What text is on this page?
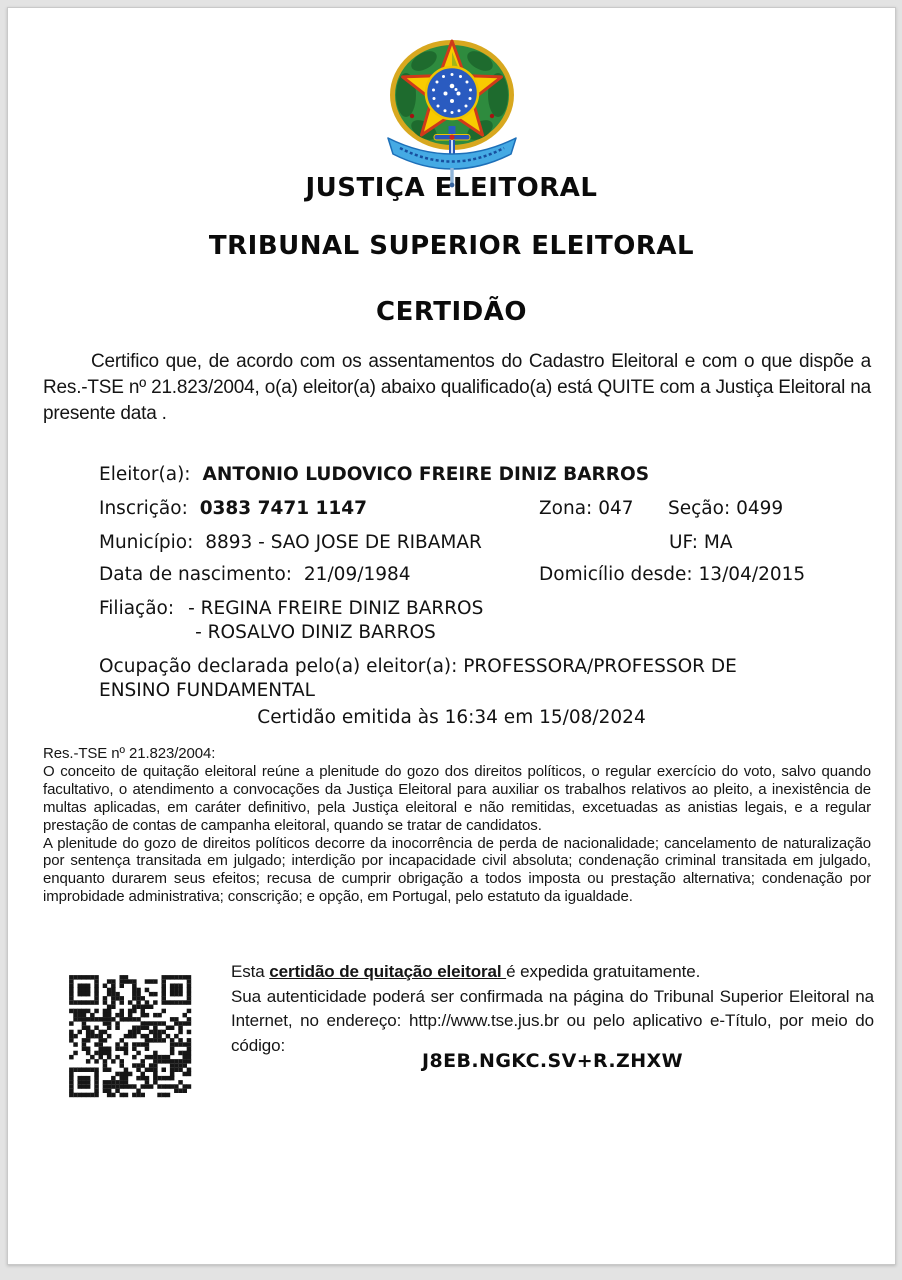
JUSTIÇA ELEITORAL
TRIBUNAL SUPERIOR ELEITORAL
CERTIDÃO
Certifico que, de acordo com os assentamentos do Cadastro Eleitoral e com o que dispõe a Res.-TSE nº 21.823/2004, o(a) eleitor(a) abaixo qualificado(a) está QUITE com a Justiça Eleitoral na presente data .
Eleitor(a): ANTONIO LUDOVICO FREIRE DINIZ BARROS
Inscrição: 0383 7471 1147	Zona: 047 Seção: 0499
Município: 8893 - SAO JOSE DE RIBAMAR	UF: MA
Data de nascimento: 21/09/1984	Domicílio desde: 13/04/2015
Filiação: - REGINA FREIRE DINIZ BARROS
- ROSALVO DINIZ BARROS
Ocupação declarada pelo(a) eleitor(a): PROFESSORA/PROFESSOR DE ENSINO FUNDAMENTAL
Certidão emitida às 16:34 em 15/08/2024

Res.-TSE nº 21.823/2004:

O conceito de quitação eleitoral reúne a plenitude do gozo dos direitos políticos, o regular exercício do voto, salvo quando facultativo, o atendimento a convocações da Justiça Eleitoral para auxiliar os trabalhos relativos ao pleito, a inexistência de multas aplicadas, em caráter definitivo, pela Justiça eleitoral e não remitidas, excetuadas as anistias legais, e a regular prestação de contas de campanha eleitoral, quando se tratar de candidatos.

A plenitude do gozo de direitos políticos decorre da inocorrência de perda de nacionalidade; cancelamento de naturalização por sentença transitada em julgado; interdição por incapacidade civil absoluta; condenação criminal transitada em julgado, enquanto durarem seus efeitos; recusa de cumprir obrigação a todos imposta ou prestação alternativa; condenação por improbidade administrativa; conscrição; e opção, em Portugal, pelo estatuto da igualdade.

Esta certidão de quitação eleitoral é expedida gratuitamente.
Sua autenticidade poderá ser confirmada na página do Tribunal Superior Eleitoral na Internet, no endereço: http://www.tse.jus.br ou pelo aplicativo e-Título, por meio do código:
J8EB.NGKC.SV+R.ZHXW
